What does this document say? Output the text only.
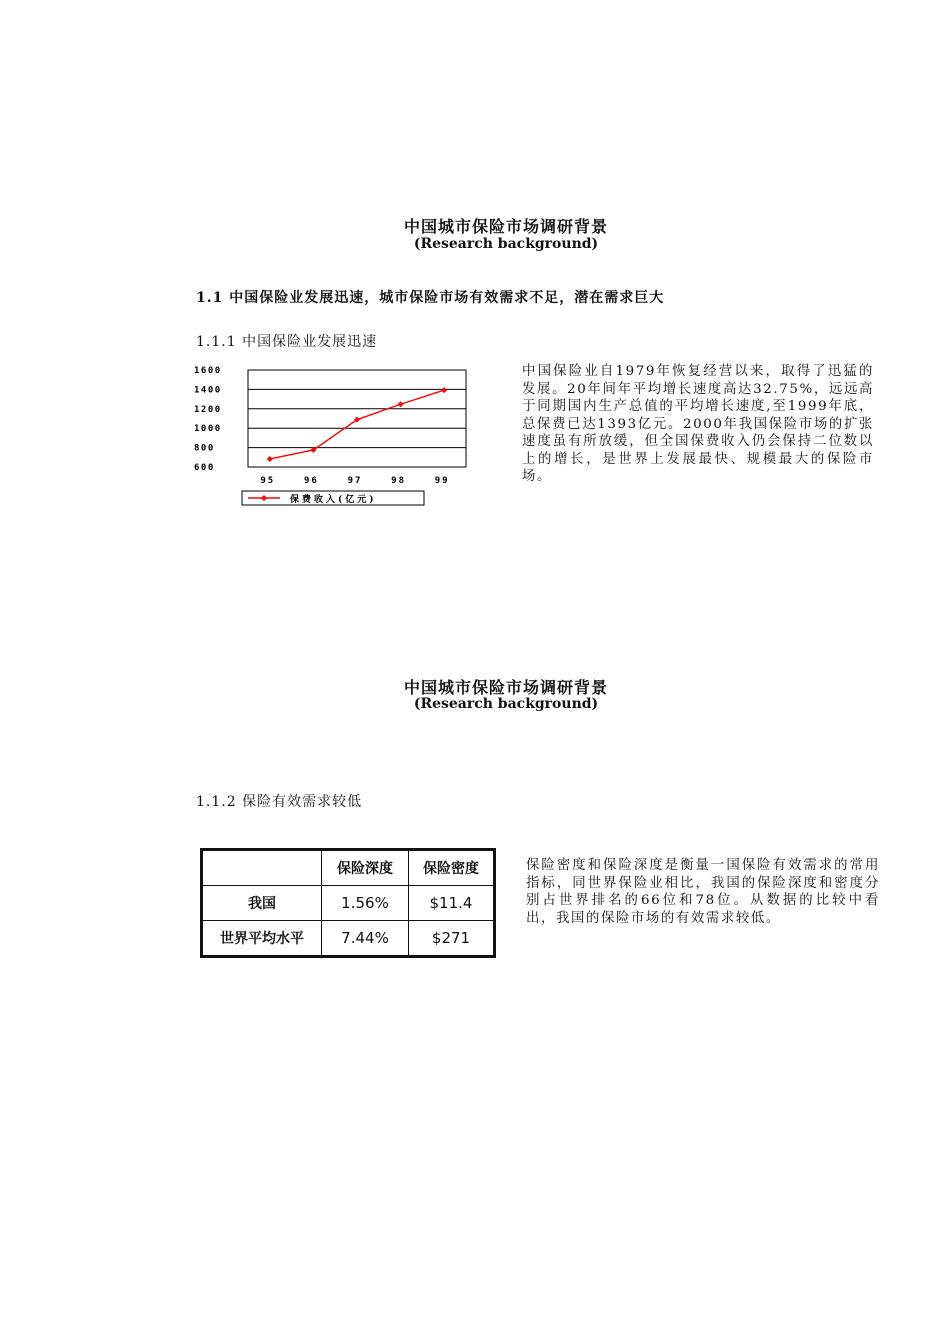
中国城市保险市场调研背景
(Research background)
1.1 中国保险业发展迅速，城市保险市场有效需求不足，潜在需求巨大
1.1.1 中国保险业发展迅速
1600
1400
1200
1000
800
600
95	96	97	98	99
保费收入(亿元)

中国保险业自1979年恢复经营以来，取得了迅猛的发展。20年间年平均增长速度高达32.75%，远远高于同期国内生产总值的平均增长速度,至1999年底，总保费已达1393亿元。2000年我国保险市场的扩张速度虽有所放缓，但全国保费收入仍会保持二位数以上的增长，是世界上发展最快、规模最大的保险市场。

中国城市保险市场调研背景
(Research background)
1.1.2 保险有效需求较低
	保险深度	保险密度
我国	1.56%	$11.4
世界平均水平	7.44%	$271

保险密度和保险深度是衡量一国保险有效需求的常用指标，同世界保险业相比，我国的保险深度和密度分别占世界排名的66位和78位。从数据的比较中看出，我国的保险市场的有效需求较低。
